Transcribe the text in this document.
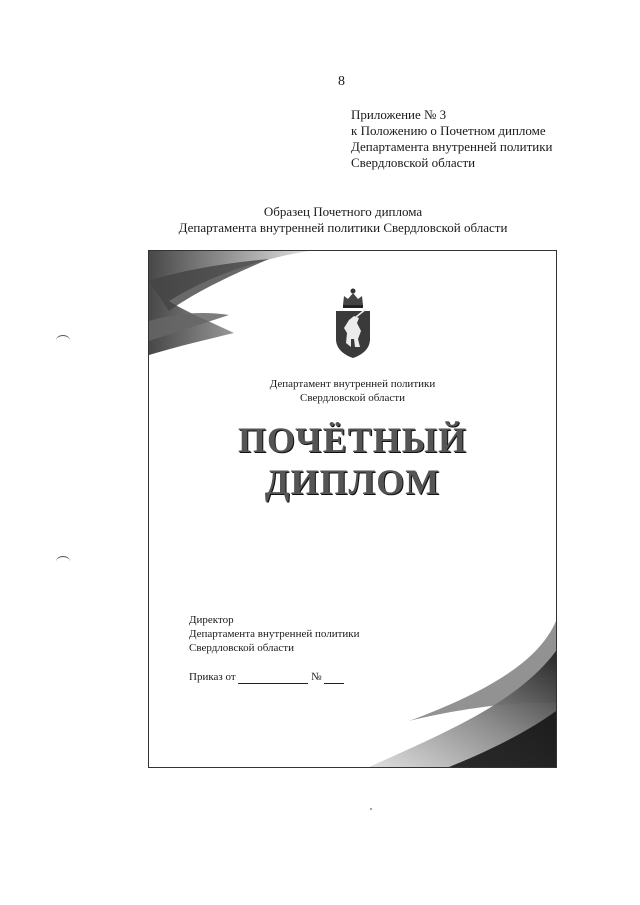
8
Приложение № 3
к Положению о Почетном дипломе
Департамента внутренней политики
Свердловской области
Образец Почетного диплома
Департамента внутренней политики Свердловской области
Департамент внутренней политики
Свердловской области
ПОЧЁТНЫЙ
ДИПЛОМ
Директор
Департамента внутренней политики
Свердловской области
Приказ от	№
